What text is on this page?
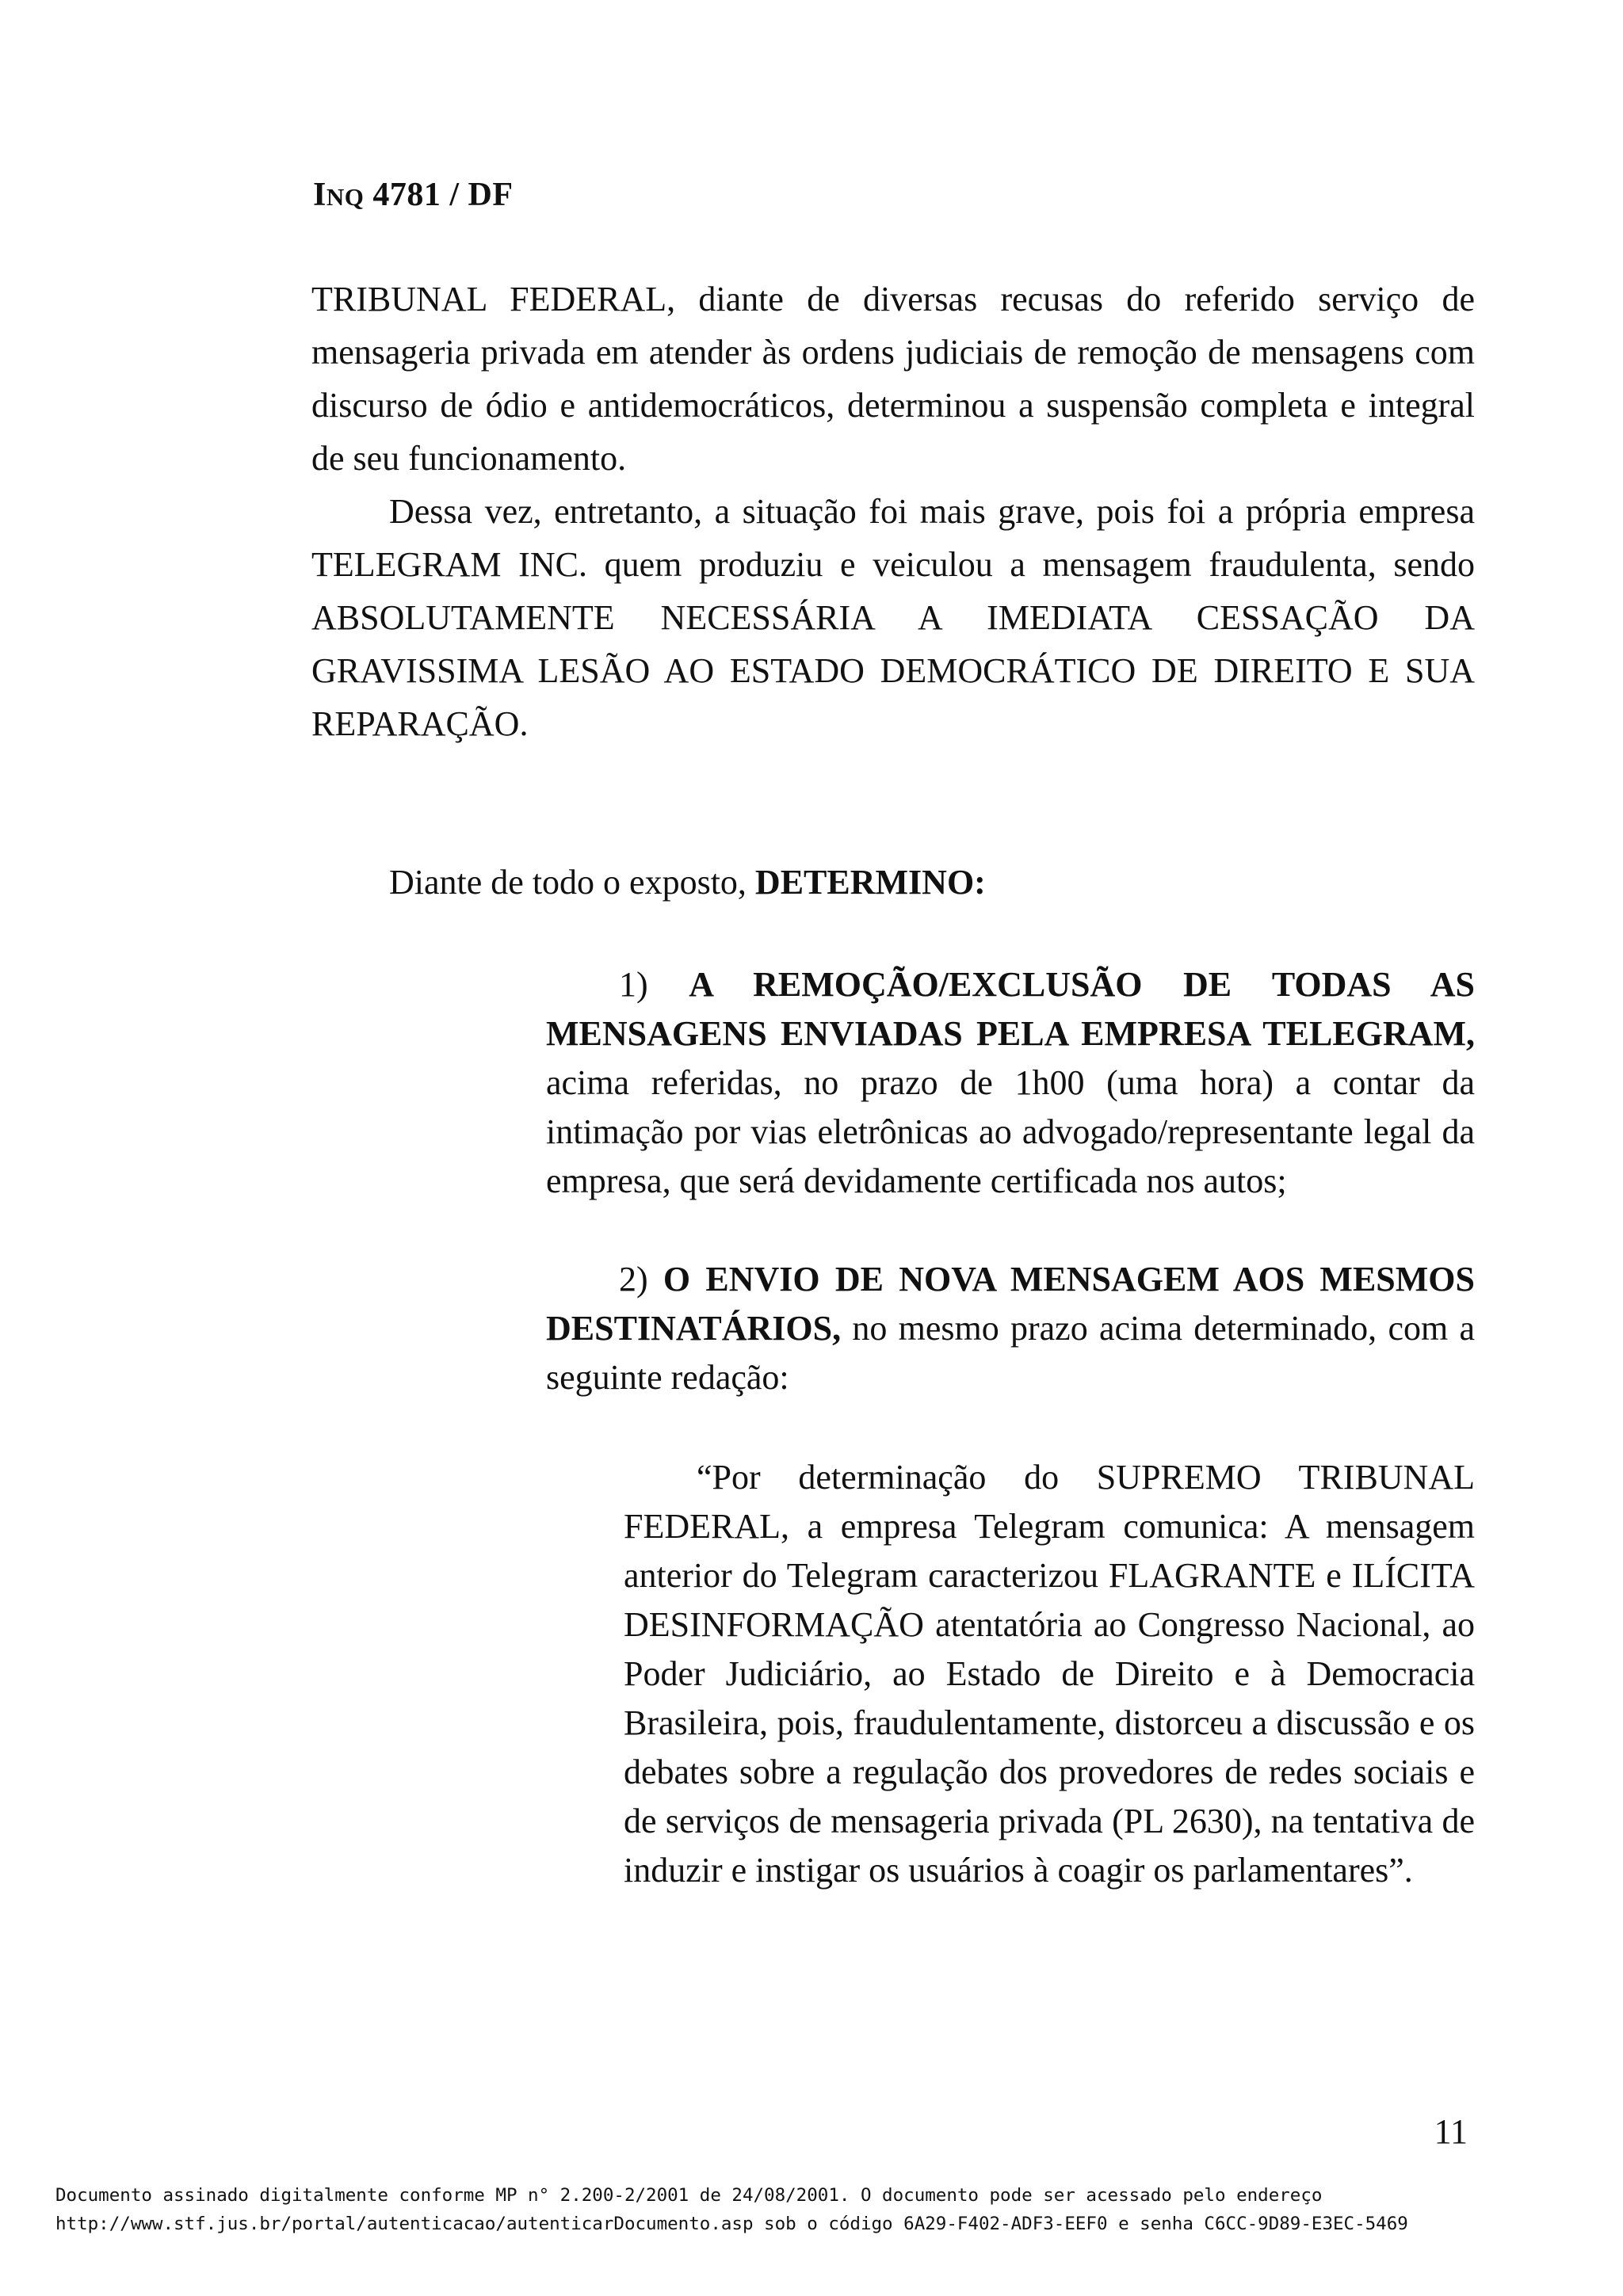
INQ 4781 / DF

TRIBUNAL FEDERAL, diante de diversas recusas do referido serviço de mensageria privada em atender às ordens judiciais de remoção de mensagens com discurso de ódio e antidemocráticos, determinou a suspensão completa e integral de seu funcionamento.

Dessa vez, entretanto, a situação foi mais grave, pois foi a própria empresa TELEGRAM INC. quem produziu e veiculou a mensagem fraudulenta, sendo ABSOLUTAMENTE NECESSÁRIA A IMEDIATA CESSAÇÃO DA GRAVISSIMA LESÃO AO ESTADO DEMOCRÁTICO DE DIREITO E SUA REPARAÇÃO.

Diante de todo o exposto, DETERMINO:

1) A REMOÇÃO/EXCLUSÃO DE TODAS AS MENSAGENS ENVIADAS PELA EMPRESA TELEGRAM, acima referidas, no prazo de 1h00 (uma hora) a contar da intimação por vias eletrônicas ao advogado/representante legal da empresa, que será devidamente certificada nos autos;

2) O ENVIO DE NOVA MENSAGEM AOS MESMOS DESTINATÁRIOS, no mesmo prazo acima determinado, com a seguinte redação:

“Por determinação do SUPREMO TRIBUNAL FEDERAL, a empresa Telegram comunica: A mensagem anterior do Telegram caracterizou FLAGRANTE e ILÍCITA DESINFORMAÇÃO atentatória ao Congresso Nacional, ao Poder Judiciário, ao Estado de Direito e à Democracia Brasileira, pois, fraudulentamente, distorceu a discussão e os debates sobre a regulação dos provedores de redes sociais e de serviços de mensageria privada (PL 2630), na tentativa de induzir e instigar os usuários à coagir os parlamentares”.

11
Documento assinado digitalmente conforme MP n° 2.200-2/2001 de 24/08/2001. O documento pode ser acessado pelo endereço
http://www.stf.jus.br/portal/autenticacao/autenticarDocumento.asp sob o código 6A29-F402-ADF3-EEF0 e senha C6CC-9D89-E3EC-5469
